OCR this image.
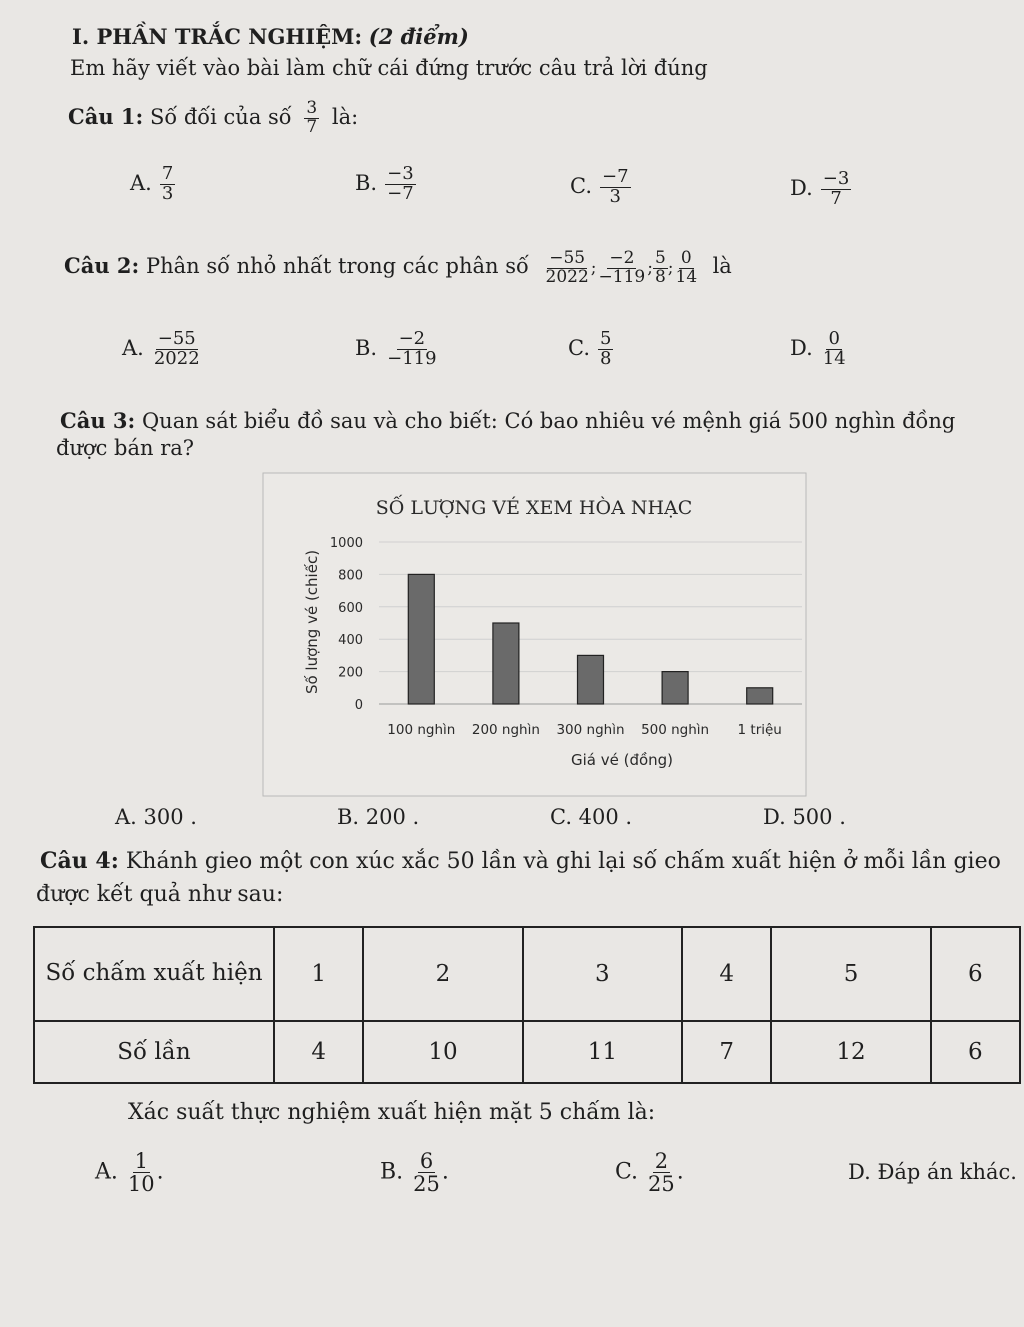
I. PHẦN TRẮC NGHIỆM: (2 điểm)
Em hãy viết vào bài làm chữ cái đứng trước câu trả lời đúng
Câu 1: Số đối của số $\frac{3}{7}$ là:
A. $\frac{7}{3}$	B. $\frac{-3}{-7}$	C. $\frac{-7}{3}$	D. $\frac{-3}{7}$
Câu 2: Phân số nhỏ nhất trong các phân số $\frac{-55}{2022}$ ; $\frac{-2}{-119}$ ; $\frac{5}{8}$ ; $\frac{0}{14}$ là
A. $\frac{-55}{2022}$	B. $\frac{-2}{-119}$	C. $\frac{5}{8}$	D. $\frac{0}{14}$
Câu 3: Quan sát biểu đồ sau và cho biết: Có bao nhiêu vé mệnh giá 500 nghìn đồng
được bán ra?
SỐ LƯỢNG VÉ XEM HÒA NHẠC
0
200
400
600
800
1000
100 nghìn 200 nghìn 300 nghìn 500 nghìn 1 triệu
Giá vé (đồng)
Số lượng vé (chiếc)
A. 300 .	B. 200 .	C. 400 .	D. 500 .
Câu 4: Khánh gieo một con xúc xắc 50 lần và ghi lại số chấm xuất hiện ở mỗi lần gieo
được kết quả như sau:
Số chấm xuất hiện	1	2	3	4	5	6
Số lần	4	10	11	7	12	6
Xác suất thực nghiệm xuất hiện mặt 5 chấm là:
A. $\frac{1}{10}$ .	B. $\frac{6}{25}$ .	C. $\frac{2}{25}$ .	D. Đáp án khác.
